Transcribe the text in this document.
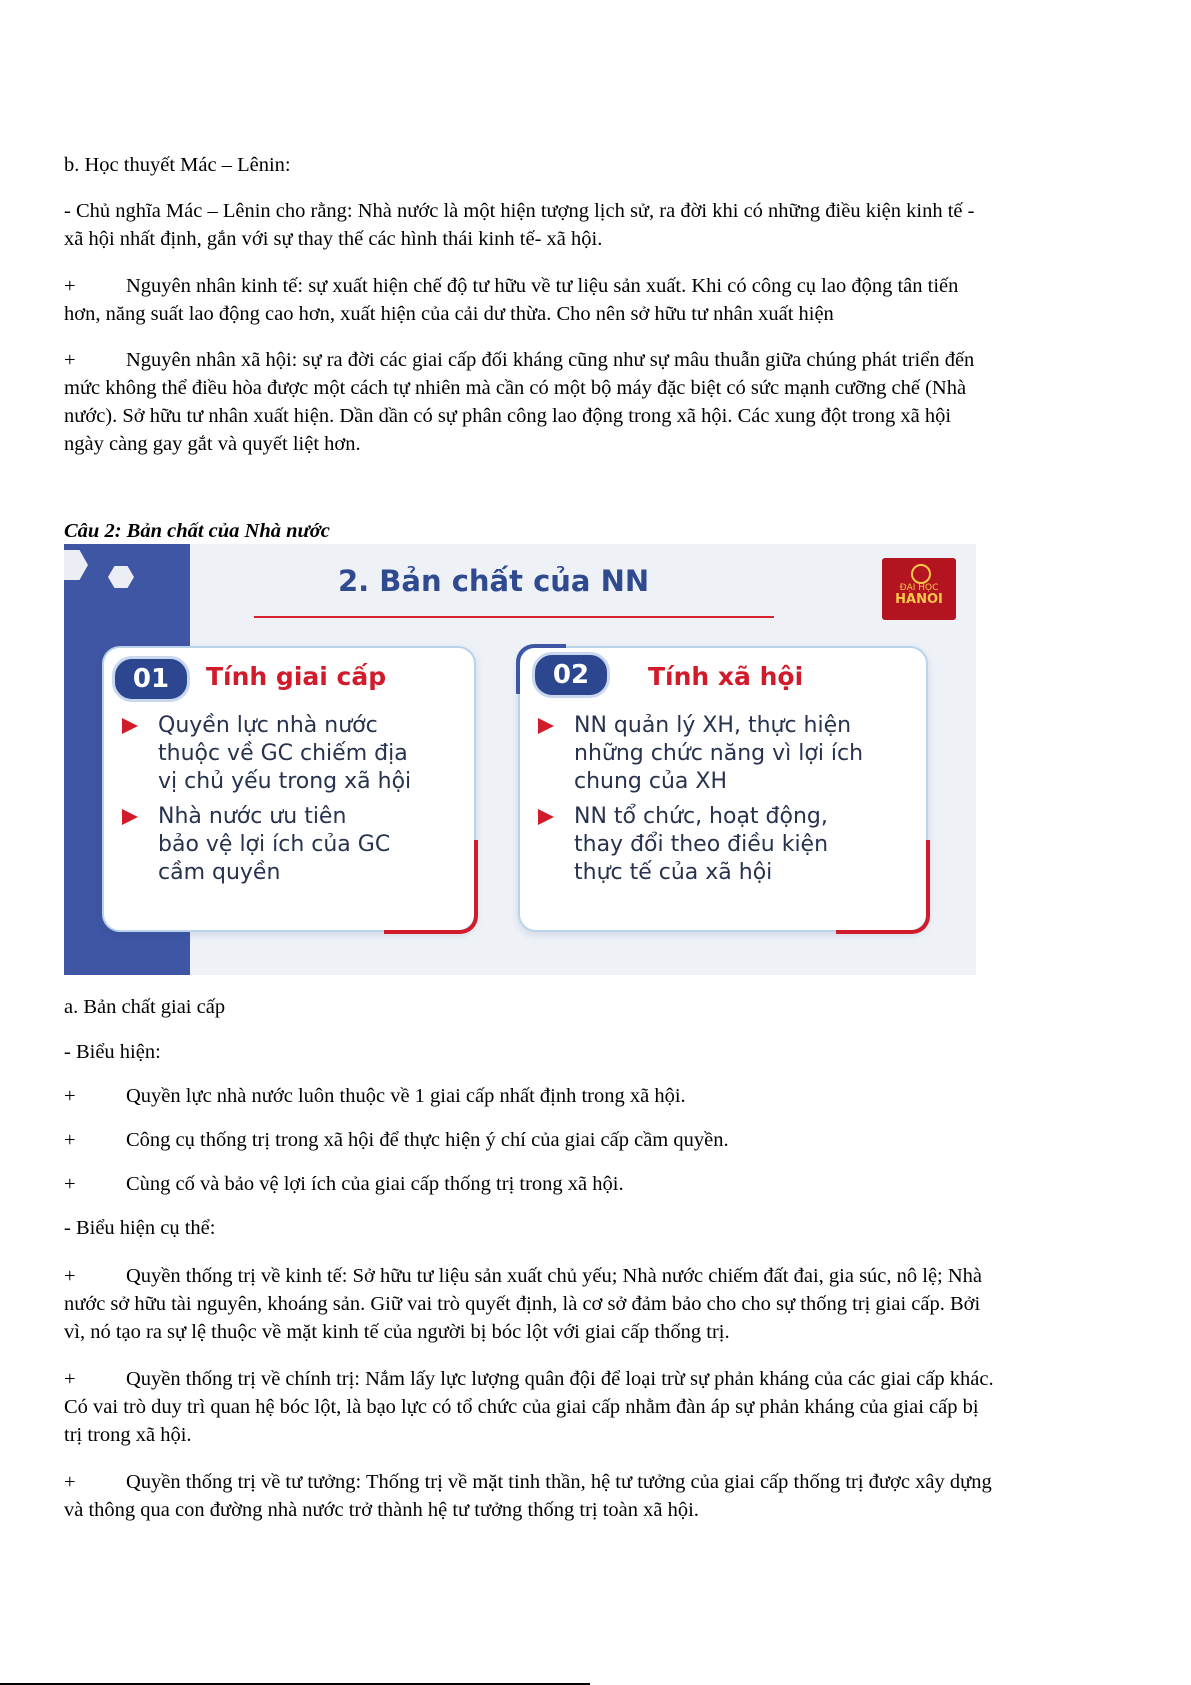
b. Học thuyết Mác – Lênin:
- Chủ nghĩa Mác – Lênin cho rằng: Nhà nước là một hiện tượng lịch sử, ra đời khi có những điều kiện kinh tế -
xã hội nhất định, gắn với sự thay thế các hình thái kinh tế- xã hội.
+ Nguyên nhân kinh tế: sự xuất hiện chế độ tư hữu về tư liệu sản xuất. Khi có công cụ lao động tân tiến
hơn, năng suất lao động cao hơn, xuất hiện của cải dư thừa. Cho nên sở hữu tư nhân xuất hiện
+ Nguyên nhân xã hội: sự ra đời các giai cấp đối kháng cũng như sự mâu thuẫn giữa chúng phát triển đến
mức không thể điều hòa được một cách tự nhiên mà cần có một bộ máy đặc biệt có sức mạnh cưỡng chế (Nhà
nước). Sở hữu tư nhân xuất hiện. Dần dần có sự phân công lao động trong xã hội. Các xung đột trong xã hội
ngày càng gay gắt và quyết liệt hơn.
Câu 2: Bản chất của Nhà nước
2. Bản chất của NN	ĐẠI HỌC
HANOI
01	Tính giai cấp
Quyền lực nhà nước
thuộc về GC chiếm địa
vị chủ yếu trong xã hội
Nhà nước ưu tiên
bảo vệ lợi ích của GC
cầm quyền
02	Tính xã hội
NN quản lý XH, thực hiện
những chức năng vì lợi ích
chung của XH
NN tổ chức, hoạt động,
thay đổi theo điều kiện
thực tế của xã hội
a. Bản chất giai cấp
- Biểu hiện:
+ Quyền lực nhà nước luôn thuộc về 1 giai cấp nhất định trong xã hội.
+ Công cụ thống trị trong xã hội để thực hiện ý chí của giai cấp cầm quyền.
+ Cùng cố và bảo vệ lợi ích của giai cấp thống trị trong xã hội.
- Biểu hiện cụ thể:
+ Quyền thống trị về kinh tế: Sở hữu tư liệu sản xuất chủ yếu; Nhà nước chiếm đất đai, gia súc, nô lệ; Nhà
nước sở hữu tài nguyên, khoáng sản. Giữ vai trò quyết định, là cơ sở đảm bảo cho cho sự thống trị giai cấp. Bởi
vì, nó tạo ra sự lệ thuộc về mặt kinh tế của người bị bóc lột với giai cấp thống trị.
+ Quyền thống trị về chính trị: Nắm lấy lực lượng quân đội để loại trừ sự phản kháng của các giai cấp khác.
Có vai trò duy trì quan hệ bóc lột, là bạo lực có tổ chức của giai cấp nhằm đàn áp sự phản kháng của giai cấp bị
trị trong xã hội.
+ Quyền thống trị về tư tưởng: Thống trị về mặt tinh thần, hệ tư tưởng của giai cấp thống trị được xây dựng
và thông qua con đường nhà nước trở thành hệ tư tưởng thống trị toàn xã hội.
